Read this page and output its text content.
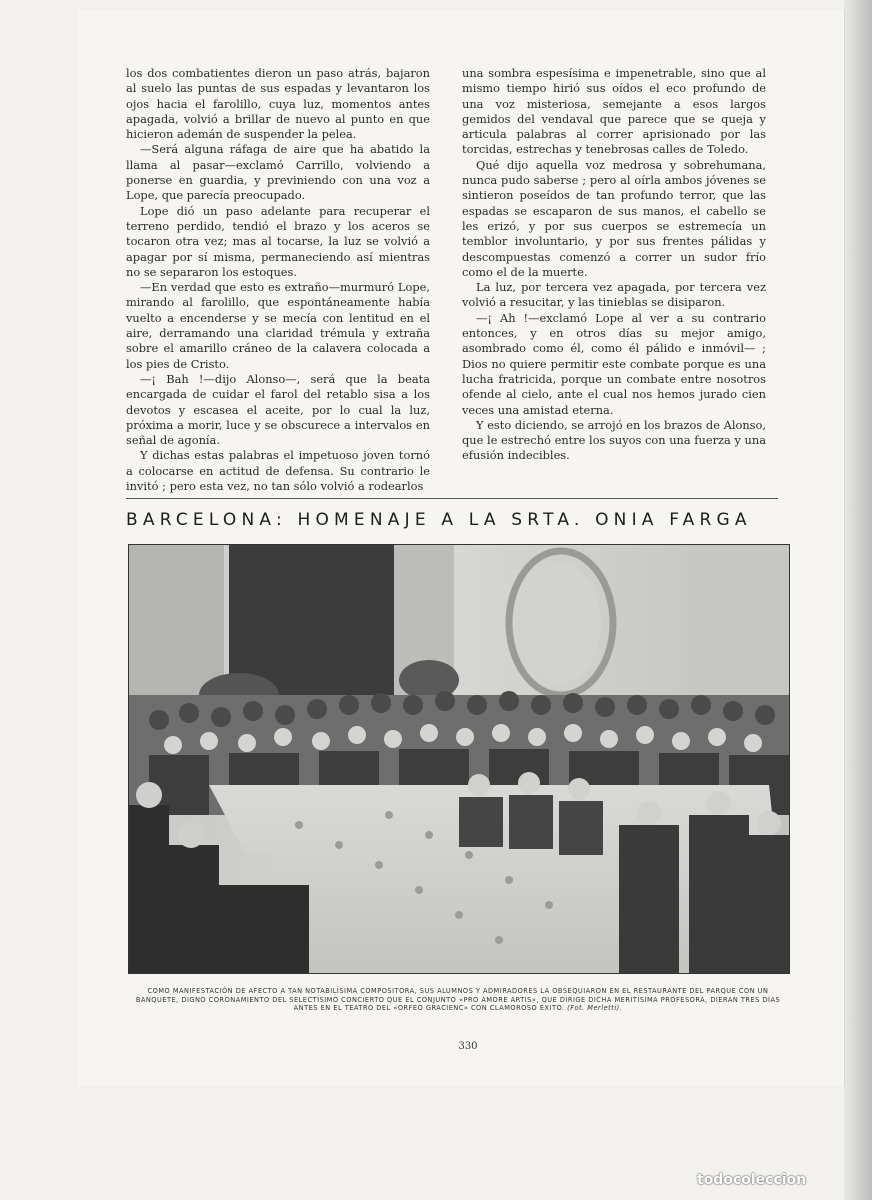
los dos combatientes dieron un paso atrás, bajaron al suelo las puntas de sus espadas y levantaron los ojos hacia el farolillo, cuya luz, momentos antes apagada, volvió a brillar de nuevo al punto en que hicieron ademán de suspender la pelea.

—Será alguna ráfaga de aire que ha abatido la llama al pasar—exclamó Carrillo, volviendo a ponerse en guardia, y previniendo con una voz a Lope, que parecía preocupado.

Lope dió un paso adelante para recuperar el terreno perdido, tendió el brazo y los aceros se tocaron otra vez; mas al tocarse, la luz se volvió a apagar por sí misma, permaneciendo así mientras no se separaron los estoques.

—En verdad que esto es extraño—murmuró Lope, mirando al farolillo, que espontáneamente había vuelto a encenderse y se mecía con lentitud en el aire, derramando una claridad trémula y extraña sobre el amarillo cráneo de la calavera colocada a los pies de Cristo.

—¡ Bah !—dijo Alonso—, será que la beata encargada de cuidar el farol del retablo sisa a los devotos y escasea el aceite, por lo cual la luz, próxima a morir, luce y se obscurece a intervalos en señal de agonía.

Y dichas estas palabras el impetuoso joven tornó a colocarse en actitud de defensa. Su contrario le invitó ; pero esta vez, no tan sólo volvió a rodearlos

una sombra espesísima e impenetrable, sino que al mismo tiempo hirió sus oídos el eco profundo de una voz misteriosa, semejante a esos largos gemidos del vendaval que parece que se queja y articula palabras al correr aprisionado por las torcidas, estrechas y tenebrosas calles de Toledo.

Qué dijo aquella voz medrosa y sobrehumana, nunca pudo saberse ; pero al oírla ambos jóvenes se sintieron poseídos de tan profundo terror, que las espadas se escaparon de sus manos, el cabello se les erizó, y por sus cuerpos se estremecía un temblor involuntario, y por sus frentes pálidas y descompuestas comenzó a correr un sudor frío como el de la muerte.

La luz, por tercera vez apagada, por tercera vez volvió a resucitar, y las tinieblas se disiparon.

—¡ Ah !—exclamó Lope al ver a su contrario entonces, y en otros días su mejor amigo, asombrado como él, como él pálido e inmóvil— ; Dios no quiere permitir este combate porque es una lucha fratricida, porque un combate entre nosotros ofende al cielo, ante el cual nos hemos jurado cien veces una amistad eterna.

Y esto diciendo, se arrojó en los brazos de Alonso, que le estrechó entre los suyos con una fuerza y una efusión indecibles.

BARCELONA: HOMENAJE A LA SRTA. ONIA FARGA
COMO MANIFESTACIÓN DE AFECTO A TAN NOTABILÍSIMA COMPOSITORA, SUS ALUMNOS Y ADMIRADORES LA OBSEQUIARON EN EL RESTAURANTE DEL PARQUE CON UN BANQUETE, DIGNO CORONAMIENTO DEL SELECTÍSIMO CONCIERTO QUE EL CONJUNTO «PRO AMORE ARTIS», QUE DIRIGE DICHA MERITÍSIMA PROFESORA, DIERAN TRES DÍAS ANTES EN EL TEATRO DEL «ORFEO GRACIENC» CON CLAMOROSO ÉXITO. (Fot. Merletti).
330
todocoleccion
